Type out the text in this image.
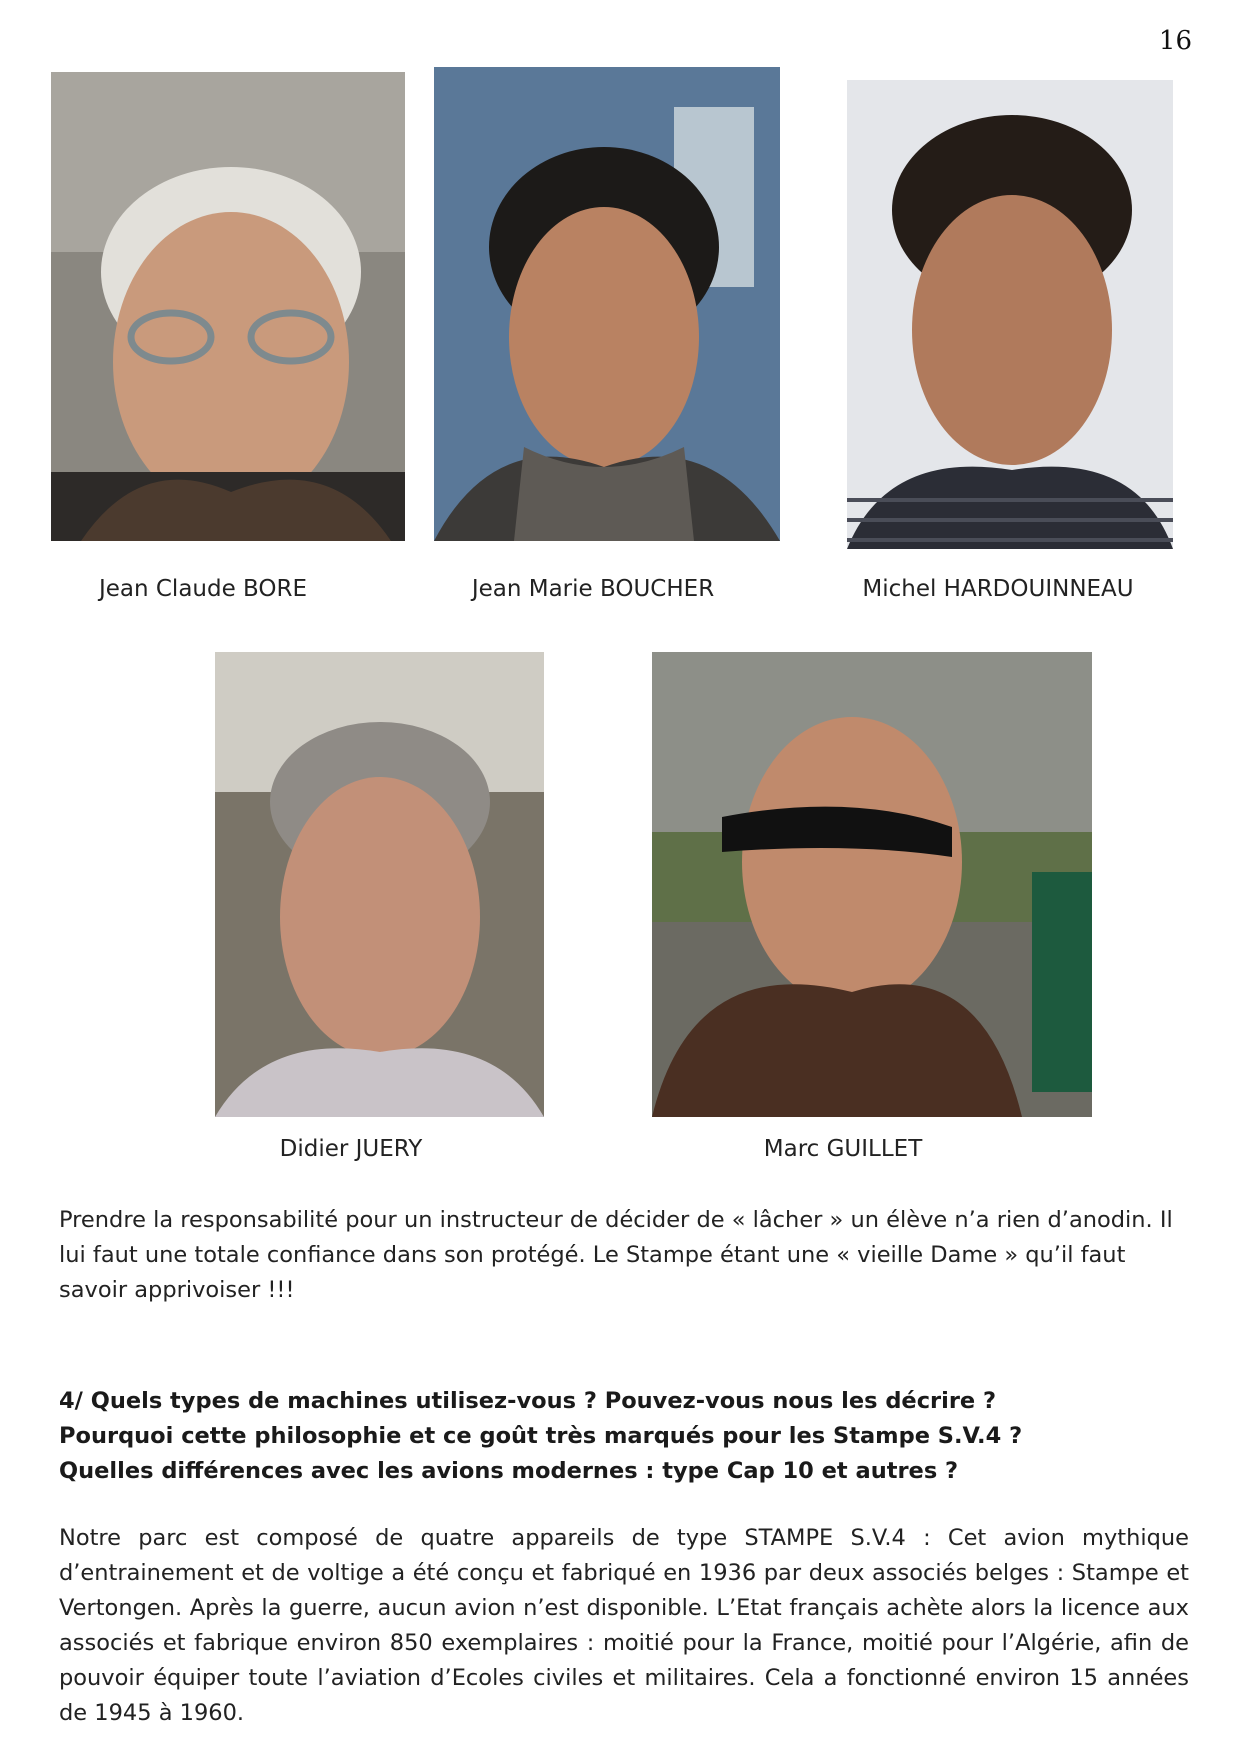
16
Jean Claude BORE	Jean Marie BOUCHER	Michel HARDOUINNEAU
Didier JUERY	Marc GUILLET

Prendre la responsabilité pour un instructeur de décider de « lâcher » un élève n’a rien d’anodin. Il lui faut une totale confiance dans son protégé. Le Stampe étant une « vieille Dame » qu’il faut savoir apprivoiser !!!

4/ Quels types de machines utilisez-vous ? Pouvez-vous nous les décrire ?
Pourquoi cette philosophie et ce goût très marqués pour les Stampe S.V.4 ?
Quelles différences avec les avions modernes : type Cap 10 et autres ?

Notre parc est composé de quatre appareils de type STAMPE S.V.4 : Cet avion mythique d’entrainement et de voltige a été conçu et fabriqué en 1936 par deux associés belges : Stampe et Vertongen. Après la guerre, aucun avion n’est disponible. L’Etat français achète alors la licence aux associés et fabrique environ 850 exemplaires : moitié pour la France, moitié pour l’Algérie, afin de pouvoir équiper toute l’aviation d’Ecoles civiles et militaires. Cela a fonctionné environ 15 années de 1945 à 1960.
